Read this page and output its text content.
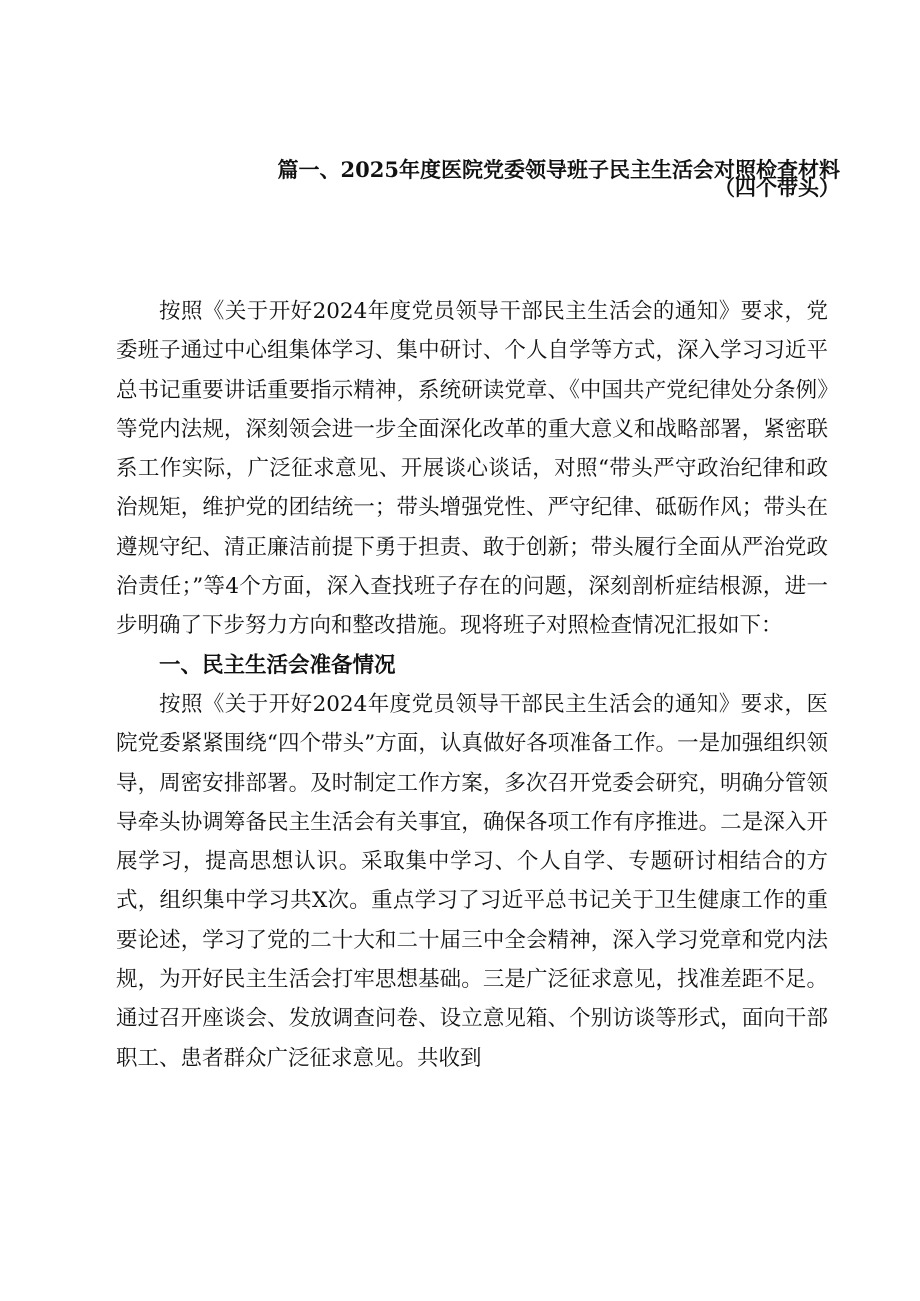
篇一、2025年度医院党委领导班子民主生活会对照检查材料
（四个带头）

按照《关于开好2024年度党员领导干部民主生活会的通知》要求，党委班子通过中心组集体学习、集中研讨、个人自学等方式，深入学习习近平总书记重要讲话重要指示精神，系统研读党章、《中国共产党纪律处分条例》等党内法规，深刻领会进一步全面深化改革的重大意义和战略部署，紧密联系工作实际，广泛征求意见、开展谈心谈话，对照“带头严守政治纪律和政治规矩，维护党的团结统一；带头增强党性、严守纪律、砥砺作风；带头在遵规守纪、清正廉洁前提下勇于担责、敢于创新；带头履行全面从严治党政治责任；”等4个方面，深入查找班子存在的问题，深刻剖析症结根源，进一步明确了下步努力方向和整改措施。现将班子对照检查情况汇报如下：

一、民主生活会准备情况

按照《关于开好2024年度党员领导干部民主生活会的通知》要求，医院党委紧紧围绕“四个带头”方面，认真做好各项准备工作。一是加强组织领导，周密安排部署。及时制定工作方案，多次召开党委会研究，明确分管领导牵头协调筹备民主生活会有关事宜，确保各项工作有序推进。二是深入开展学习，提高思想认识。采取集中学习、个人自学、专题研讨相结合的方式，组织集中学习共X次。重点学习了习近平总书记关于卫生健康工作的重要论述，学习了党的二十大和二十届三中全会精神，深入学习党章和党内法规，为开好民主生活会打牢思想基础。三是广泛征求意见，找准差距不足。通过召开座谈会、发放调查问卷、设立意见箱、个别访谈等形式，面向干部职工、患者群众广泛征求意见。共收到
